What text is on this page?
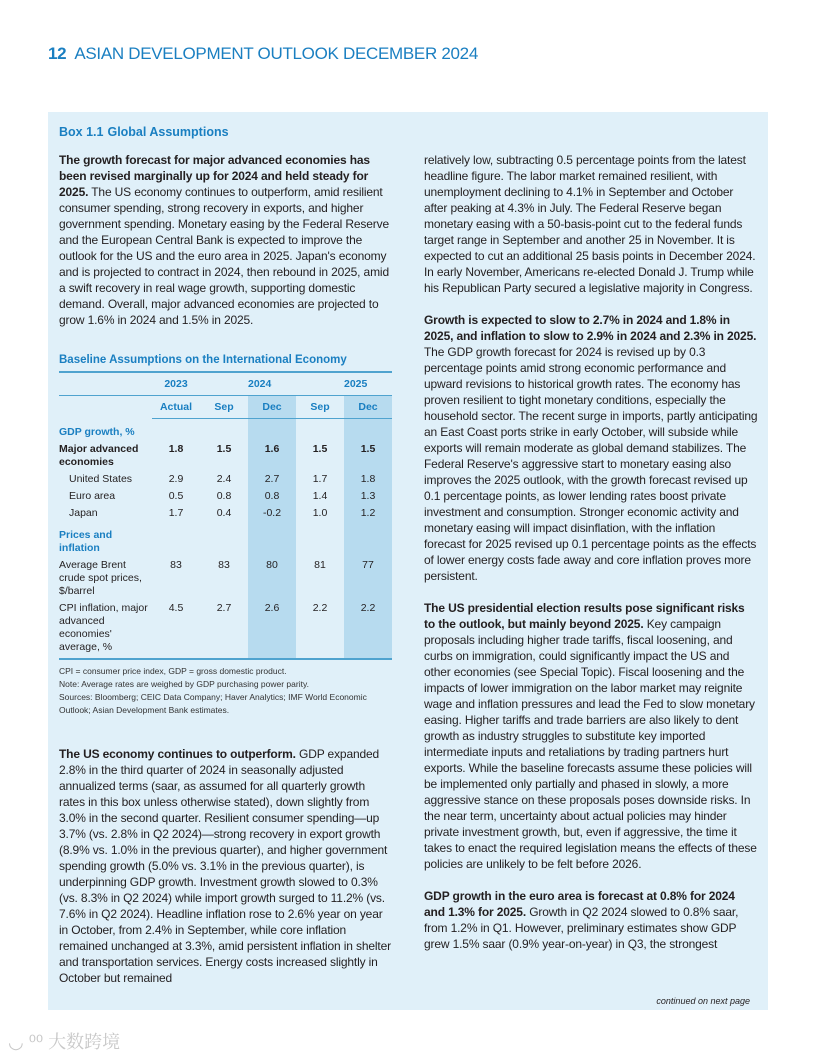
12 ASIAN DEVELOPMENT OUTLOOK DECEMBER 2024
Box 1.1 Global Assumptions

The growth forecast for major advanced economies has been revised marginally up for 2024 and held steady for 2025. The US economy continues to outperform, amid resilient consumer spending, strong recovery in exports, and higher government spending. Monetary easing by the Federal Reserve and the European Central Bank is expected to improve the outlook for the US and the euro area in 2025. Japan's economy and is projected to contract in 2024, then rebound in 2025, amid a swift recovery in real wage growth, supporting domestic demand. Overall, major advanced economies are projected to grow 1.6% in 2024 and 1.5% in 2025.

Baseline Assumptions on the International Economy
	2023		2024		2025
	Actual	Sep	Dec	Sep	Dec
GDP growth, %					
Major advanced economies	1.8	1.5	1.6	1.5	1.5
United States	2.9	2.4	2.7	1.7	1.8
Euro area	0.5	0.8	0.8	1.4	1.3
Japan	1.7	0.4	-0.2	1.0	1.2
Prices and inflation					
Average Brent crude spot prices, $/barrel	83	83	80	81	77
CPI inflation, major advanced economies' average, %	4.5	2.7	2.6	2.2	2.2
CPI = consumer price index, GDP = gross domestic product.
Note: Average rates are weighed by GDP purchasing power parity.
Sources: Bloomberg; CEIC Data Company; Haver Analytics; IMF World Economic Outlook; Asian Development Bank estimates.

The US economy continues to outperform. GDP expanded 2.8% in the third quarter of 2024 in seasonally adjusted annualized terms (saar, as assumed for all quarterly growth rates in this box unless otherwise stated), down slightly from 3.0% in the second quarter. Resilient consumer spending—up 3.7% (vs. 2.8% in Q2 2024)—strong recovery in export growth (8.9% vs. 1.0% in the previous quarter), and higher government spending growth (5.0% vs. 3.1% in the previous quarter), is underpinning GDP growth. Investment growth slowed to 0.3% (vs. 8.3% in Q2 2024) while import growth surged to 11.2% (vs. 7.6% in Q2 2024). Headline inflation rose to 2.6% year on year in October, from 2.4% in September, while core inflation remained unchanged at 3.3%, amid persistent inflation in shelter and transportation services. Energy costs increased slightly in October but remained

relatively low, subtracting 0.5 percentage points from the latest headline figure. The labor market remained resilient, with unemployment declining to 4.1% in September and October after peaking at 4.3% in July. The Federal Reserve began monetary easing with a 50-basis-point cut to the federal funds target range in September and another 25 in November. It is expected to cut an additional 25 basis points in December 2024. In early November, Americans re-elected Donald J. Trump while his Republican Party secured a legislative majority in Congress.

Growth is expected to slow to 2.7% in 2024 and 1.8% in 2025, and inflation to slow to 2.9% in 2024 and 2.3% in 2025. The GDP growth forecast for 2024 is revised up by 0.3 percentage points amid strong economic performance and upward revisions to historical growth rates. The economy has proven resilient to tight monetary conditions, especially the household sector. The recent surge in imports, partly anticipating an East Coast ports strike in early October, will subside while exports will remain moderate as global demand stabilizes. The Federal Reserve's aggressive start to monetary easing also improves the 2025 outlook, with the growth forecast revised up 0.1 percentage points, as lower lending rates boost private investment and consumption. Stronger economic activity and monetary easing will impact disinflation, with the inflation forecast for 2025 revised up 0.1 percentage points as the effects of lower energy costs fade away and core inflation proves more persistent.

The US presidential election results pose significant risks to the outlook, but mainly beyond 2025. Key campaign proposals including higher trade tariffs, fiscal loosening, and curbs on immigration, could significantly impact the US and other economies (see Special Topic). Fiscal loosening and the impacts of lower immigration on the labor market may reignite wage and inflation pressures and lead the Fed to slow monetary easing. Higher tariffs and trade barriers are also likely to dent growth as industry struggles to substitute key imported intermediate inputs and retaliations by trading partners hurt exports. While the baseline forecasts assume these policies will be implemented only partially and phased in slowly, a more aggressive stance on these proposals poses downside risks. In the near term, uncertainty about actual policies may hinder private investment growth, but, even if aggressive, the time it takes to enact the required legislation means the effects of these policies are unlikely to be felt before 2026.

GDP growth in the euro area is forecast at 0.8% for 2024 and 1.3% for 2025. Growth in Q2 2024 slowed to 0.8% saar, from 1.2% in Q1. However, preliminary estimates show GDP grew 1.5% saar (0.9% year-on-year) in Q3, the strongest

continued on next page
◡ ⁰⁰ 大数跨境
